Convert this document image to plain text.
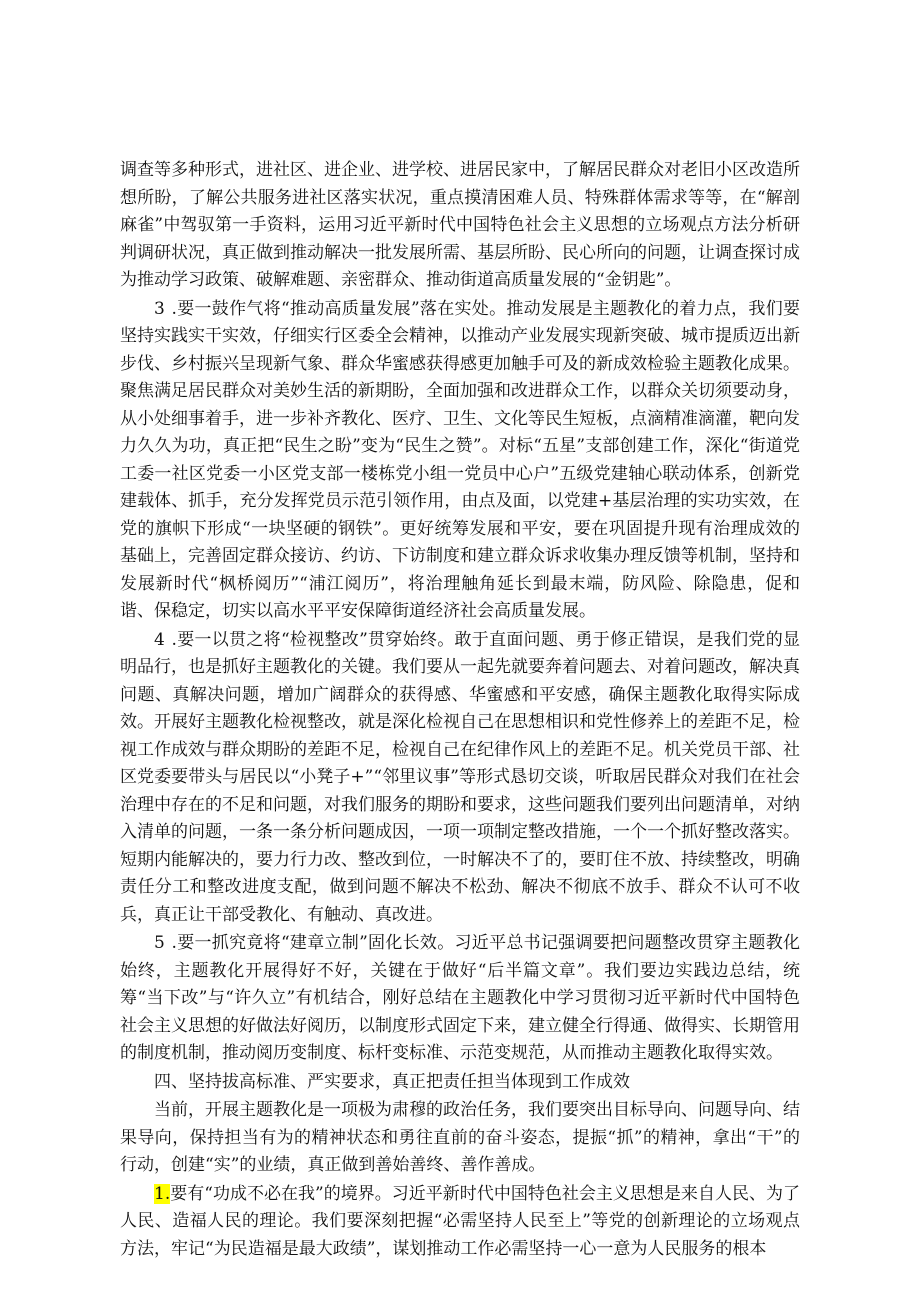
调查等多种形式，进社区、进企业、进学校、进居民家中，了解居民群众对老旧小区改造所想所盼，了解公共服务进社区落实状况，重点摸清困难人员、特殊群体需求等等，在“解剖麻雀”中驾驭第一手资料，运用习近平新时代中国特色社会主义思想的立场观点方法分析研判调研状况，真正做到推动解决一批发展所需、基层所盼、民心所向的问题，让调查探讨成为推动学习政策、破解难题、亲密群众、推动街道高质量发展的“金钥匙”。

3 .要一鼓作气将“推动高质量发展”落在实处。推动发展是主题教化的着力点，我们要坚持实践实干实效，仔细实行区委全会精神，以推动产业发展实现新突破、城市提质迈出新步伐、乡村振兴呈现新气象、群众华蜜感获得感更加触手可及的新成效检验主题教化成果。聚焦满足居民群众对美妙生活的新期盼，全面加强和改进群众工作，以群众关切须要动身，从小处细事着手，进一步补齐教化、医疗、卫生、文化等民生短板，点滴精准滴灌，靶向发力久久为功，真正把“民生之盼”变为“民生之赞”。对标“五星”支部创建工作，深化“街道党工委一社区党委一小区党支部一楼栋党小组一党员中心户”五级党建轴心联动体系，创新党建载体、抓手，充分发挥党员示范引领作用，由点及面，以党建+基层治理的实功实效，在党的旗帜下形成“一块坚硬的钢铁”。更好统筹发展和平安，要在巩固提升现有治理成效的基础上，完善固定群众接访、约访、下访制度和建立群众诉求收集办理反馈等机制，坚持和发展新时代“枫桥阅历”“浦江阅历”，将治理触角延长到最末端，防风险、除隐患，促和谐、保稳定，切实以高水平平安保障街道经济社会高质量发展。

4 .要一以贯之将“检视整改”贯穿始终。敢于直面问题、勇于修正错误，是我们党的显明品行，也是抓好主题教化的关键。我们要从一起先就要奔着问题去、对着问题改，解决真问题、真解决问题，增加广阔群众的获得感、华蜜感和平安感，确保主题教化取得实际成效。开展好主题教化检视整改，就是深化检视自己在思想相识和党性修养上的差距不足，检视工作成效与群众期盼的差距不足，检视自己在纪律作风上的差距不足。机关党员干部、社区党委要带头与居民以“小凳子+”“邻里议事”等形式恳切交谈，听取居民群众对我们在社会治理中存在的不足和问题，对我们服务的期盼和要求，这些问题我们要列出问题清单，对纳入清单的问题，一条一条分析问题成因，一项一项制定整改措施，一个一个抓好整改落实。短期内能解决的，要力行力改、整改到位，一时解决不了的，要盯住不放、持续整改，明确责任分工和整改进度支配，做到问题不解决不松劲、解决不彻底不放手、群众不认可不收兵，真正让干部受教化、有触动、真改进。

5 .要一抓究竟将“建章立制”固化长效。习近平总书记强调要把问题整改贯穿主题教化始终，主题教化开展得好不好，关键在于做好“后半篇文章”。我们要边实践边总结，统筹“当下改”与“许久立”有机结合，刚好总结在主题教化中学习贯彻习近平新时代中国特色社会主义思想的好做法好阅历，以制度形式固定下来，建立健全行得通、做得实、长期管用的制度机制，推动阅历变制度、标杆变标准、示范变规范，从而推动主题教化取得实效。

四、坚持拔高标准、严实要求，真正把责任担当体现到工作成效

当前，开展主题教化是一项极为肃穆的政治任务，我们要突出目标导向、问题导向、结果导向，保持担当有为的精神状态和勇往直前的奋斗姿态，提振“抓”的精神，拿出“干”的行动，创建“实”的业绩，真正做到善始善终、善作善成。

1.要有“功成不必在我”的境界。习近平新时代中国特色社会主义思想是来自人民、为了人民、造福人民的理论。我们要深刻把握“必需坚持人民至上”等党的创新理论的立场观点方法，牢记“为民造福是最大政绩”，谋划推动工作必需坚持一心一意为人民服务的根本
